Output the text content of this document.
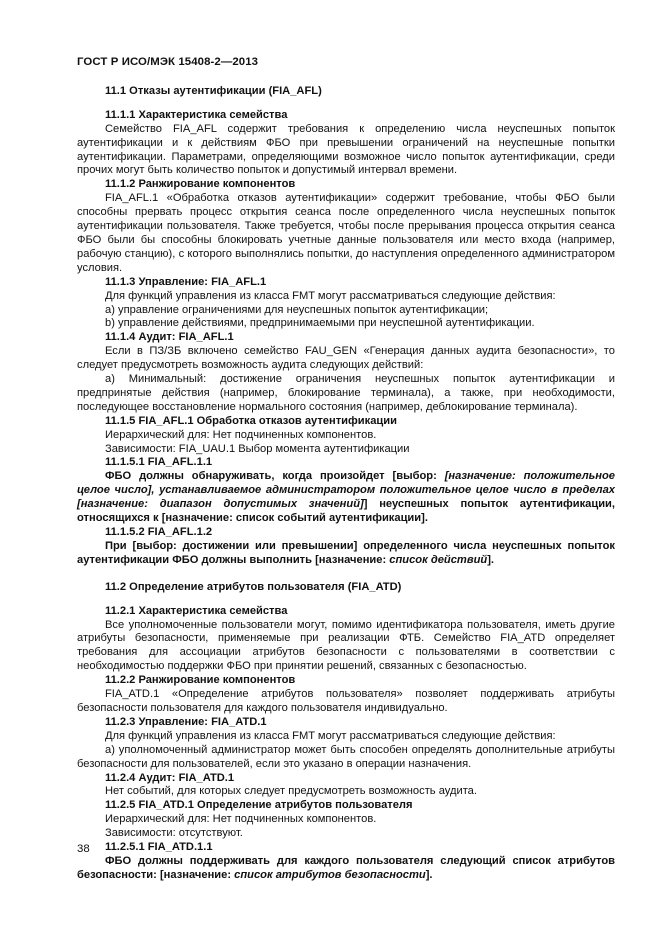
ГОСТ Р ИСО/МЭК 15408-2—2013
11.1 Отказы аутентификации (FIA_AFL)
11.1.1 Характеристика семейства
Семейство FIA_AFL содержит требования к определению числа неуспешных попыток аутентификации и к действиям ФБО при превышении ограничений на неуспешные попытки аутентификации. Параметрами, определяющими возможное число попыток аутентификации, среди прочих могут быть количество попыток и допустимый интервал времени.
11.1.2 Ранжирование компонентов
FIA_AFL.1 «Обработка отказов аутентификации» содержит требование, чтобы ФБО были способны прервать процесс открытия сеанса после определенного числа неуспешных попыток аутентификации пользователя. Также требуется, чтобы после прерывания процесса открытия сеанса ФБО были бы способны блокировать учетные данные пользователя или место входа (например, рабочую станцию), с которого выполнялись попытки, до наступления определенного администратором условия.
11.1.3 Управление: FIA_AFL.1
Для функций управления из класса FMT могут рассматриваться следующие действия:
a) управление ограничениями для неуспешных попыток аутентификации;
b) управление действиями, предпринимаемыми при неуспешной аутентификации.
11.1.4 Аудит: FIA_AFL.1
Если в ПЗ/ЗБ включено семейство FAU_GEN «Генерация данных аудита безопасности», то следует предусмотреть возможность аудита следующих действий:
a) Минимальный: достижение ограничения неуспешных попыток аутентификации и предпринятые действия (например, блокирование терминала), а также, при необходимости, последующее восстановление нормального состояния (например, деблокирование терминала).
11.1.5 FIA_AFL.1 Обработка отказов аутентификации
Иерархический для: Нет подчиненных компонентов.
Зависимости: FIA_UAU.1 Выбор момента аутентификации
11.1.5.1 FIA_AFL.1.1
ФБО должны обнаруживать, когда произойдет [выбор: [назначение: положительное целое число], устанавливаемое администратором положительное целое число в пределах [назначение: диапазон допустимых значений]] неуспешных попыток аутентификации, относящихся к [назначение: список событий аутентификации].
11.1.5.2 FIA_AFL.1.2
При [выбор: достижении или превышении] определенного числа неуспешных попыток аутентификации ФБО должны выполнить [назначение: список действий].
11.2 Определение атрибутов пользователя (FIA_ATD)
11.2.1 Характеристика семейства
Все уполномоченные пользователи могут, помимо идентификатора пользователя, иметь другие атрибуты безопасности, применяемые при реализации ФТБ. Семейство FIA_ATD определяет требования для ассоциации атрибутов безопасности с пользователями в соответствии с необходимостью поддержки ФБО при принятии решений, связанных с безопасностью.
11.2.2 Ранжирование компонентов
FIA_ATD.1 «Определение атрибутов пользователя» позволяет поддерживать атрибуты безопасности пользователя для каждого пользователя индивидуально.
11.2.3 Управление: FIA_ATD.1
Для функций управления из класса FMT могут рассматриваться следующие действия:
a) уполномоченный администратор может быть способен определять дополнительные атрибуты безопасности для пользователей, если это указано в операции назначения.
11.2.4 Аудит: FIA_ATD.1
Нет событий, для которых следует предусмотреть возможность аудита.
11.2.5 FIA_ATD.1 Определение атрибутов пользователя
Иерархический для: Нет подчиненных компонентов.
Зависимости: отсутствуют.
11.2.5.1 FIA_ATD.1.1
ФБО должны поддерживать для каждого пользователя следующий список атрибутов безопасности: [назначение: список атрибутов безопасности].
38
